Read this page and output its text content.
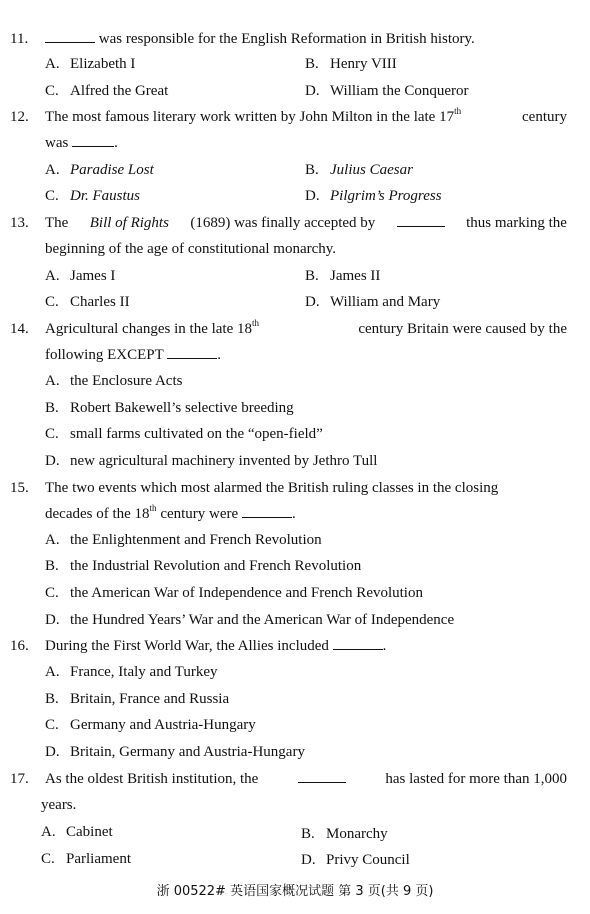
11.	was responsible for the English Reformation in British history.
A. Elizabeth I	B. Henry VIII
C. Alfred the Great	D. William the Conqueror
12. The most famous literary work written by John Milton in the late 17th	century
was	.
A. Paradise Lost	B. Julius Caesar
C. Dr. Faustus	D. Pilgrim’s Progress
13. The Bill of Rights (1689) was finally accepted by	thus marking the
beginning of the age of constitutional monarchy.
A. James I	B. James II
C. Charles II	D. William and Mary
14. Agricultural changes in the late 18th	century Britain were caused by the
following EXCEPT	.
A. the Enclosure Acts
B. Robert Bakewell’s selective breeding
C. small farms cultivated on the “open-field”
D. new agricultural machinery invented by Jethro Tull
15. The two events which most alarmed the British ruling classes in the closing
decades of the 18th century were	.
A. the Enlightenment and French Revolution
B. the Industrial Revolution and French Revolution
C. the American War of Independence and French Revolution
D. the Hundred Years’ War and the American War of Independence
16. During the First World War, the Allies included	.
A. France, Italy and Turkey
B. Britain, France and Russia
C. Germany and Austria-Hungary
D. Britain, Germany and Austria-Hungary
17. As the oldest British institution, the	has lasted for more than 1,000
years.
A. Cabinet	B. Monarchy
C. Parliament	D. Privy Council
浙 00522# 英语国家概况试题 第 3 页(共 9 页)
